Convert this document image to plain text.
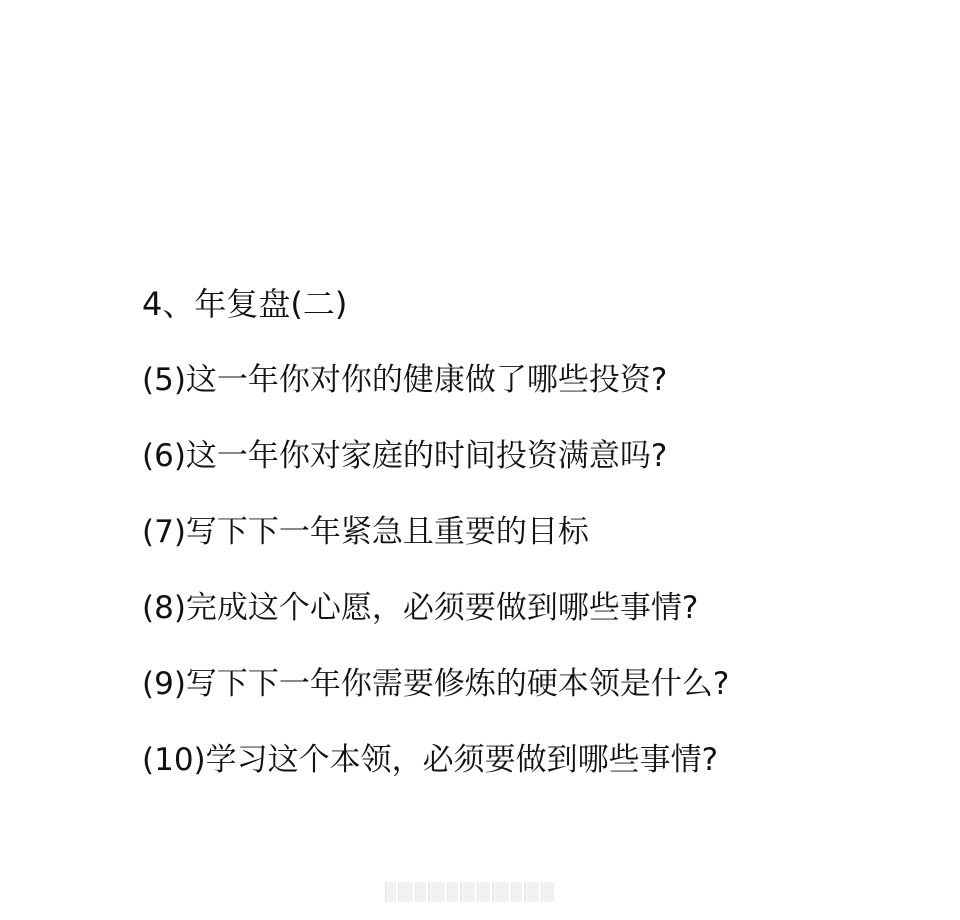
4、年复盘(二)
(5)这一年你对你的健康做了哪些投资?
(6)这一年你对家庭的时间投资满意吗?
(7)写下下一年紧急且重要的目标
(8)完成这个心愿，必须要做到哪些事情?
(9)写下下一年你需要修炼的硬本领是什么?
(10)学习这个本领，必须要做到哪些事情?
